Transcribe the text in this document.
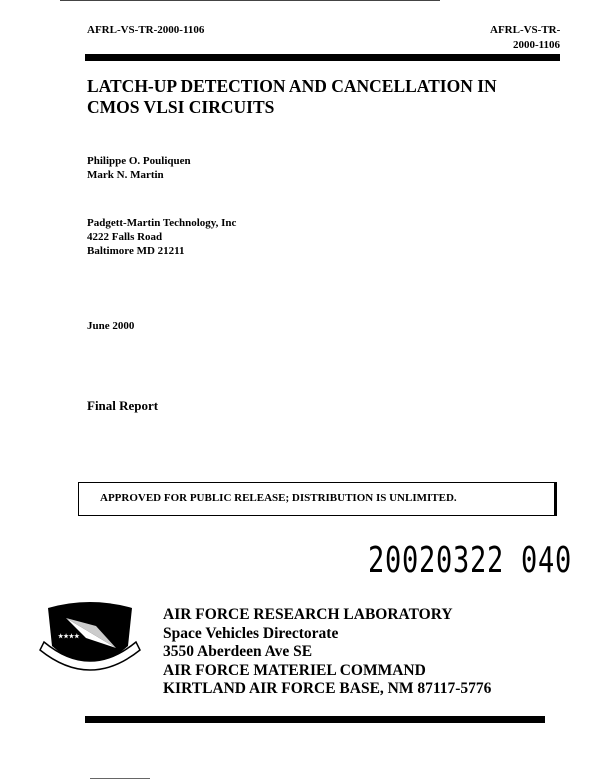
AFRL-VS-TR-2000-1106	AFRL-VS-TR-
2000-1106
LATCH-UP DETECTION AND CANCELLATION IN
CMOS VLSI CIRCUITS
Philippe O. Pouliquen
Mark N. Martin
Padgett-Martin Technology, Inc
4222 Falls Road
Baltimore MD 21211
June 2000
Final Report
APPROVED FOR PUBLIC RELEASE; DISTRIBUTION IS UNLIMITED.
20020322 040
★★★★
AIR FORCE RESEARCH LABORATORY
Space Vehicles Directorate
3550 Aberdeen Ave SE
AIR FORCE MATERIEL COMMAND
KIRTLAND AIR FORCE BASE, NM 87117-5776
